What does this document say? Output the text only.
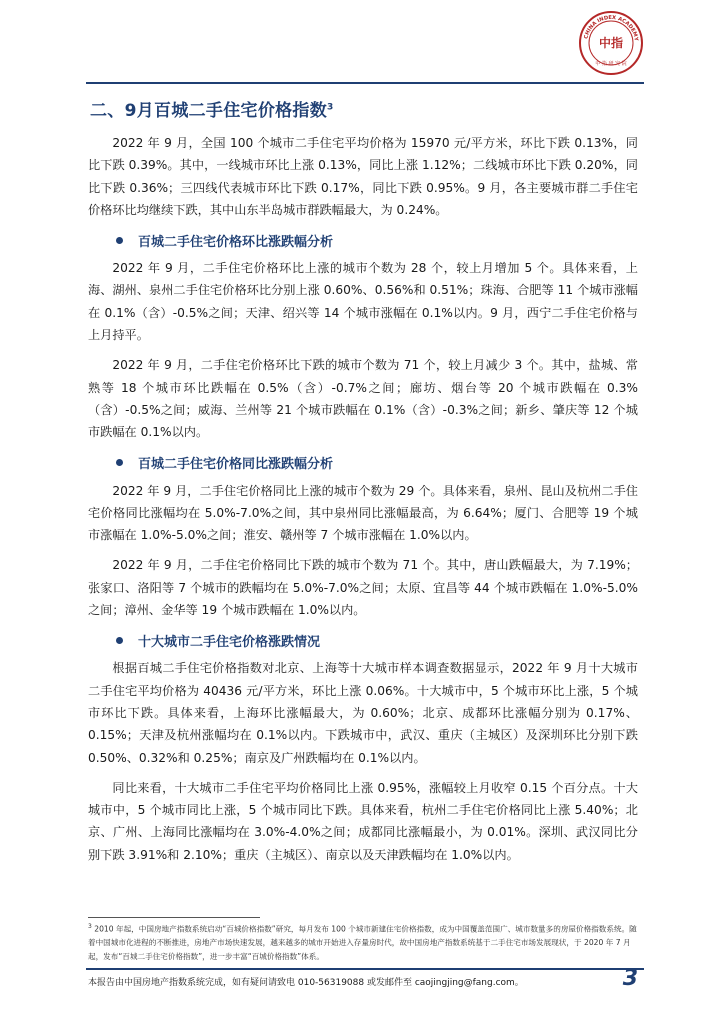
CHINA INDEX ACADEMY
中指
中 指 研 究 院
二、9月百城二手住宅价格指数$^3$

2022 年 9 月，全国 100 个城市二手住宅平均价格为 15970 元/平方米，环比下跌 0.13%，同比下跌 0.39%。其中，一线城市环比上涨 0.13%，同比上涨 1.12%；二线城市环比下跌 0.20%，同比下跌 0.36%；三四线代表城市环比下跌 0.17%，同比下跌 0.95%。9 月，各主要城市群二手住宅价格环比均继续下跌，其中山东半岛城市群跌幅最大，为 0.24%。

百城二手住宅价格环比涨跌幅分析

2022 年 9 月，二手住宅价格环比上涨的城市个数为 28 个，较上月增加 5 个。具体来看，上海、湖州、泉州二手住宅价格环比分别上涨 0.60%、0.56%和 0.51%；珠海、合肥等 11 个城市涨幅在 0.1%（含）-0.5%之间；天津、绍兴等 14 个城市涨幅在 0.1%以内。9 月，西宁二手住宅价格与上月持平。

2022 年 9 月，二手住宅价格环比下跌的城市个数为 71 个，较上月减少 3 个。其中，盐城、常熟等 18 个城市环比跌幅在 0.5%（含）-0.7%之间；廊坊、烟台等 20 个城市跌幅在 0.3%（含）-0.5%之间；威海、兰州等 21 个城市跌幅在 0.1%（含）-0.3%之间；新乡、肇庆等 12 个城市跌幅在 0.1%以内。

百城二手住宅价格同比涨跌幅分析

2022 年 9 月，二手住宅价格同比上涨的城市个数为 29 个。具体来看，泉州、昆山及杭州二手住宅价格同比涨幅均在 5.0%-7.0%之间，其中泉州同比涨幅最高，为 6.64%；厦门、合肥等 19 个城市涨幅在 1.0%-5.0%之间；淮安、赣州等 7 个城市涨幅在 1.0%以内。

2022 年 9 月，二手住宅价格同比下跌的城市个数为 71 个。其中，唐山跌幅最大，为 7.19%；张家口、洛阳等 7 个城市的跌幅均在 5.0%-7.0%之间；太原、宜昌等 44 个城市跌幅在 1.0%-5.0%之间；漳州、金华等 19 个城市跌幅在 1.0%以内。

十大城市二手住宅价格涨跌情况

根据百城二手住宅价格指数对北京、上海等十大城市样本调查数据显示，2022 年 9 月十大城市二手住宅平均价格为 40436 元/平方米，环比上涨 0.06%。十大城市中，5 个城市环比上涨，5 个城市环比下跌。具体来看，上海环比涨幅最大，为 0.60%；北京、成都环比涨幅分别为 0.17%、0.15%；天津及杭州涨幅均在 0.1%以内。下跌城市中，武汉、重庆（主城区）及深圳环比分别下跌 0.50%、0.32%和 0.25%；南京及广州跌幅均在 0.1%以内。

同比来看，十大城市二手住宅平均价格同比上涨 0.95%，涨幅较上月收窄 0.15 个百分点。十大城市中，5 个城市同比上涨，5 个城市同比下跌。具体来看，杭州二手住宅价格同比上涨 5.40%；北京、广州、上海同比涨幅均在 3.0%-4.0%之间；成都同比涨幅最小，为 0.01%。深圳、武汉同比分别下跌 3.91%和 2.10%；重庆（主城区）、南京以及天津跌幅均在 1.0%以内。

$^3$ 2010 年起，中国房地产指数系统启动“百城价格指数”研究，每月发布 100 个城市新建住宅价格指数，成为中国覆盖范围广、城市数量多的房屋价格指数系统。随着中国城市化进程的不断推进，房地产市场快速发展，越来越多的城市开始进入存量房时代，故中国房地产指数系统基于二手住宅市场发展现状，于 2020 年 7 月起，发布“百城二手住宅价格指数”，进一步丰富“百城价格指数”体系。

本报告由中国房地产指数系统完成，如有疑问请致电 010-56319088 或发邮件至 caojingjing@fang.com。	3
